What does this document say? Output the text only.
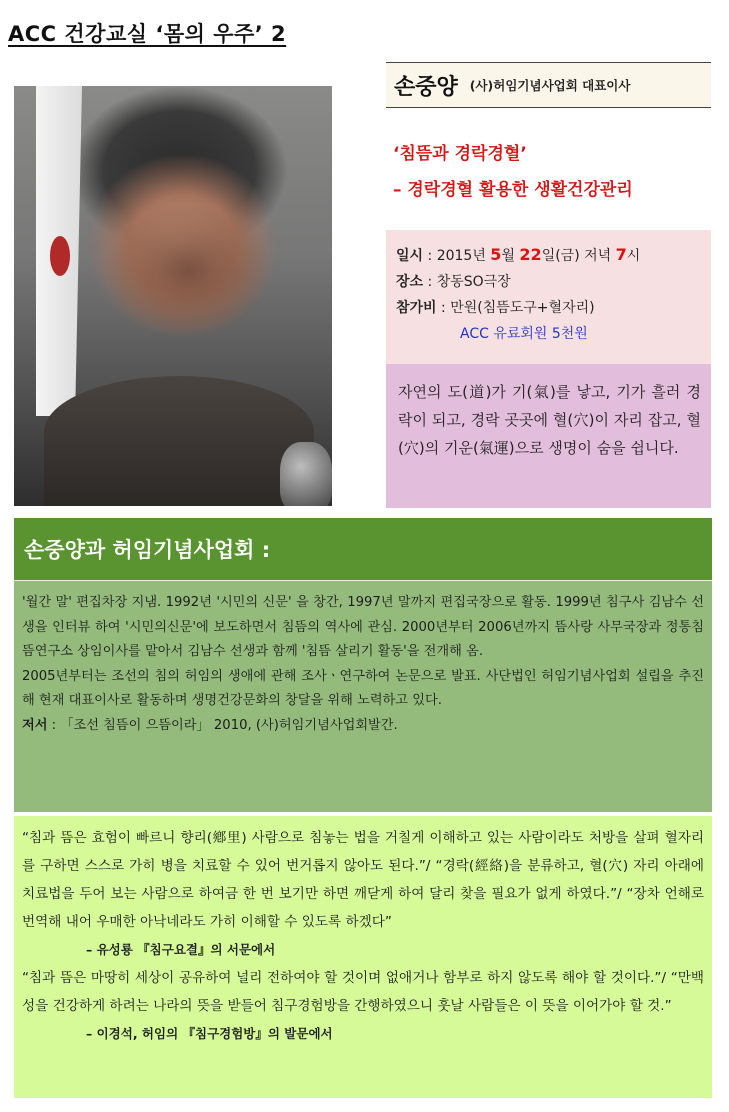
ACC 건강교실 ‘몸의 우주’ 2
손중양 (사)허임기념사업회 대표이사
‘침뜸과 경락경혈’
– 경락경혈 활용한 생활건강관리
일시 : 2015년 5월 22일(금) 저녁 7시
장소 : 창동SO극장
참가비 : 만원(침뜸도구+혈자리)
ACC 유료회원 5천원
자연의 도(道)가 기(氣)를 낳고, 기가 흘러 경락이 되고, 경락 곳곳에 혈(穴)이 자리 잡고, 혈(穴)의 기운(氣運)으로 생명이 숨을 쉽니다.
손중양과 허임기념사업회 :

'월간 말' 편집차장 지냄. 1992년 '시민의 신문' 을 창간, 1997년 말까지 편집국장으로 활동. 1999년 침구사 김남수 선생을 인터뷰 하여 '시민의신문'에 보도하면서 침뜸의 역사에 관심. 2000년부터 2006년까지 뜸사랑 사무국장과 정통침뜸연구소 상임이사를 맡아서 김남수 선생과 함께 '침뜸 살리기 활동'을 전개해 옴.

2005년부터는 조선의 침의 허임의 생애에 관해 조사ㆍ연구하여 논문으로 발표. 사단법인 허임기념사업회 설립을 추진해 현재 대표이사로 활동하며 생명건강문화의 창달을 위해 노력하고 있다.

저서 : 「조선 침뜸이 으뜸이라」 2010, (사)허임기념사업회발간.

“침과 뜸은 효험이 빠르니 향리(鄕里) 사람으로 침놓는 법을 거칠게 이해하고 있는 사람이라도 처방을 살펴 혈자리를 구하면 스스로 가히 병을 치료할 수 있어 번거롭지 않아도 된다.”/ “경락(經絡)을 분류하고, 혈(穴) 자리 아래에 치료법을 두어 보는 사람으로 하여금 한 번 보기만 하면 깨닫게 하여 달리 찾을 필요가 없게 하였다.”/ “장차 언해로 번역해 내어 우매한 아낙네라도 가히 이해할 수 있도록 하겠다”

– 유성룡 『침구요결』의 서문에서

“침과 뜸은 마땅히 세상이 공유하여 널리 전하여야 할 것이며 없애거나 함부로 하지 않도록 해야 할 것이다.”/ “만백성을 건강하게 하려는 나라의 뜻을 받들어 침구경험방을 간행하였으니 훗날 사람들은 이 뜻을 이어가야 할 것.”

– 이경석, 허임의 『침구경험방』의 발문에서
